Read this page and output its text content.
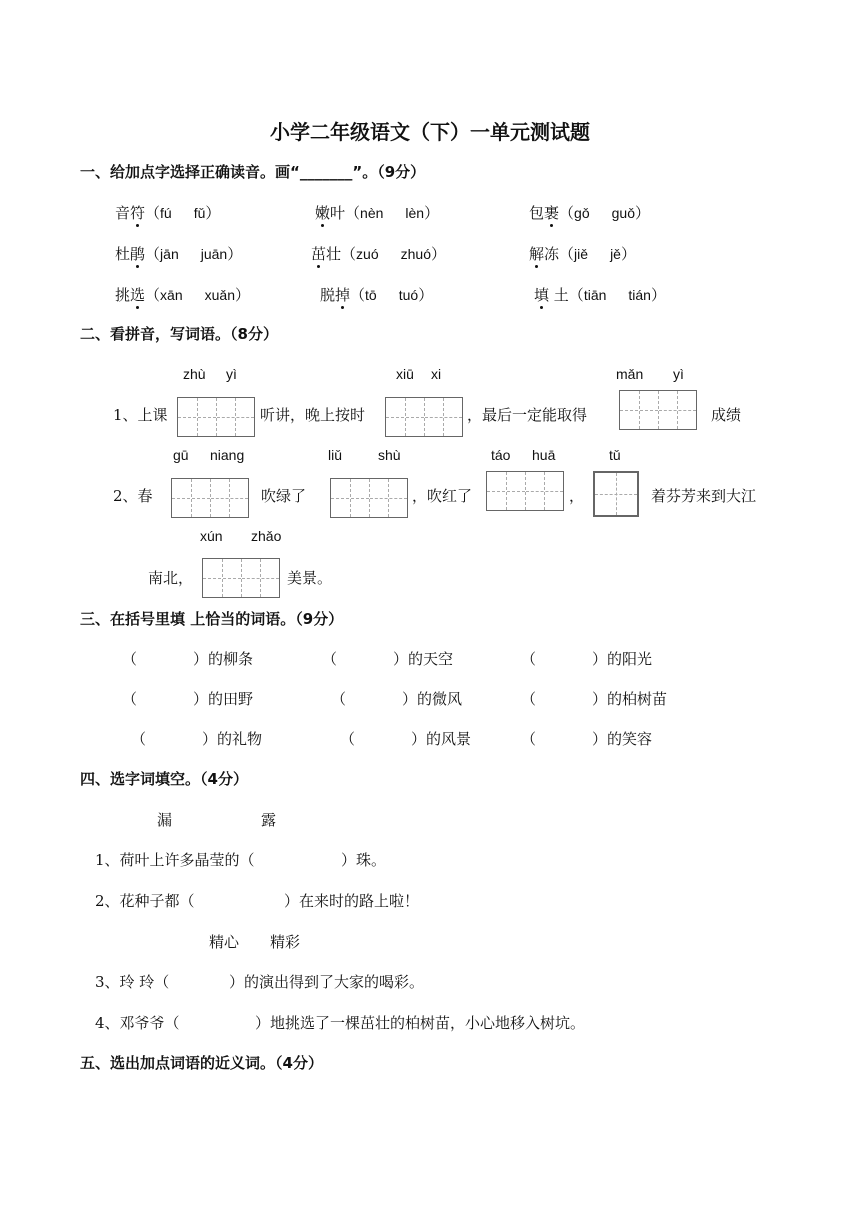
小学二年级语文（下）一单元测试题
一、给加点字选择正确读音。画“_______”。（9分）
音符（fú fǔ）	嫩叶（nèn lèn）	包裹（gǒ guǒ）
杜鹃（jān juān）	茁壮（zuó zhuó）	解冻（jiě jě）
挑选（xān xuǎn）	脱掉（tō tuó）	填 土（tiān tián）
二、看拼音，写词语。（8分）
zhù yì	xiū xi	mǎn yì
1、上课	听讲，晚上按时	，最后一定能取得	成绩
gū niang	liǔ	shù	táo huā	tǔ
2、春	吹绿了	，吹红了	，	着芬芳来到大江
xún zhǎo
南北，	美景。
三、在括号里填 上恰当的词语。（9分）
（	）的柳条	（	）的天空	（	）的阳光
（	）的田野	（	）的微风	（	）的柏树苗
（	）的礼物	（	）的风景	（	）的笑容
四、选字词填空。（4分）
漏	露
1、荷叶上许多晶莹的（	）珠。
2、花种子都（	）在来时的路上啦！
精心 精彩
3、玲 玲（	）的演出得到了大家的喝彩。
4、邓爷爷（	）地挑选了一棵茁壮的柏树苗，小心地移入树坑。
五、选出加点词语的近义词。（4分）
